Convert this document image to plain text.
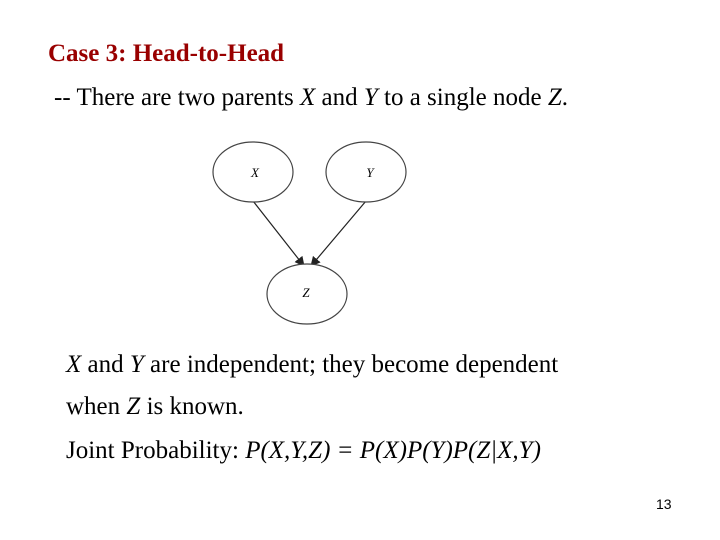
Case 3: Head-to-Head
-- There are two parents X and Y to a single node Z.
X	Y
Z
X and Y are independent; they become dependent
when Z is known.
Joint Probability: P(X,Y,Z) = P(X)P(Y)P(Z|X,Y)
13
